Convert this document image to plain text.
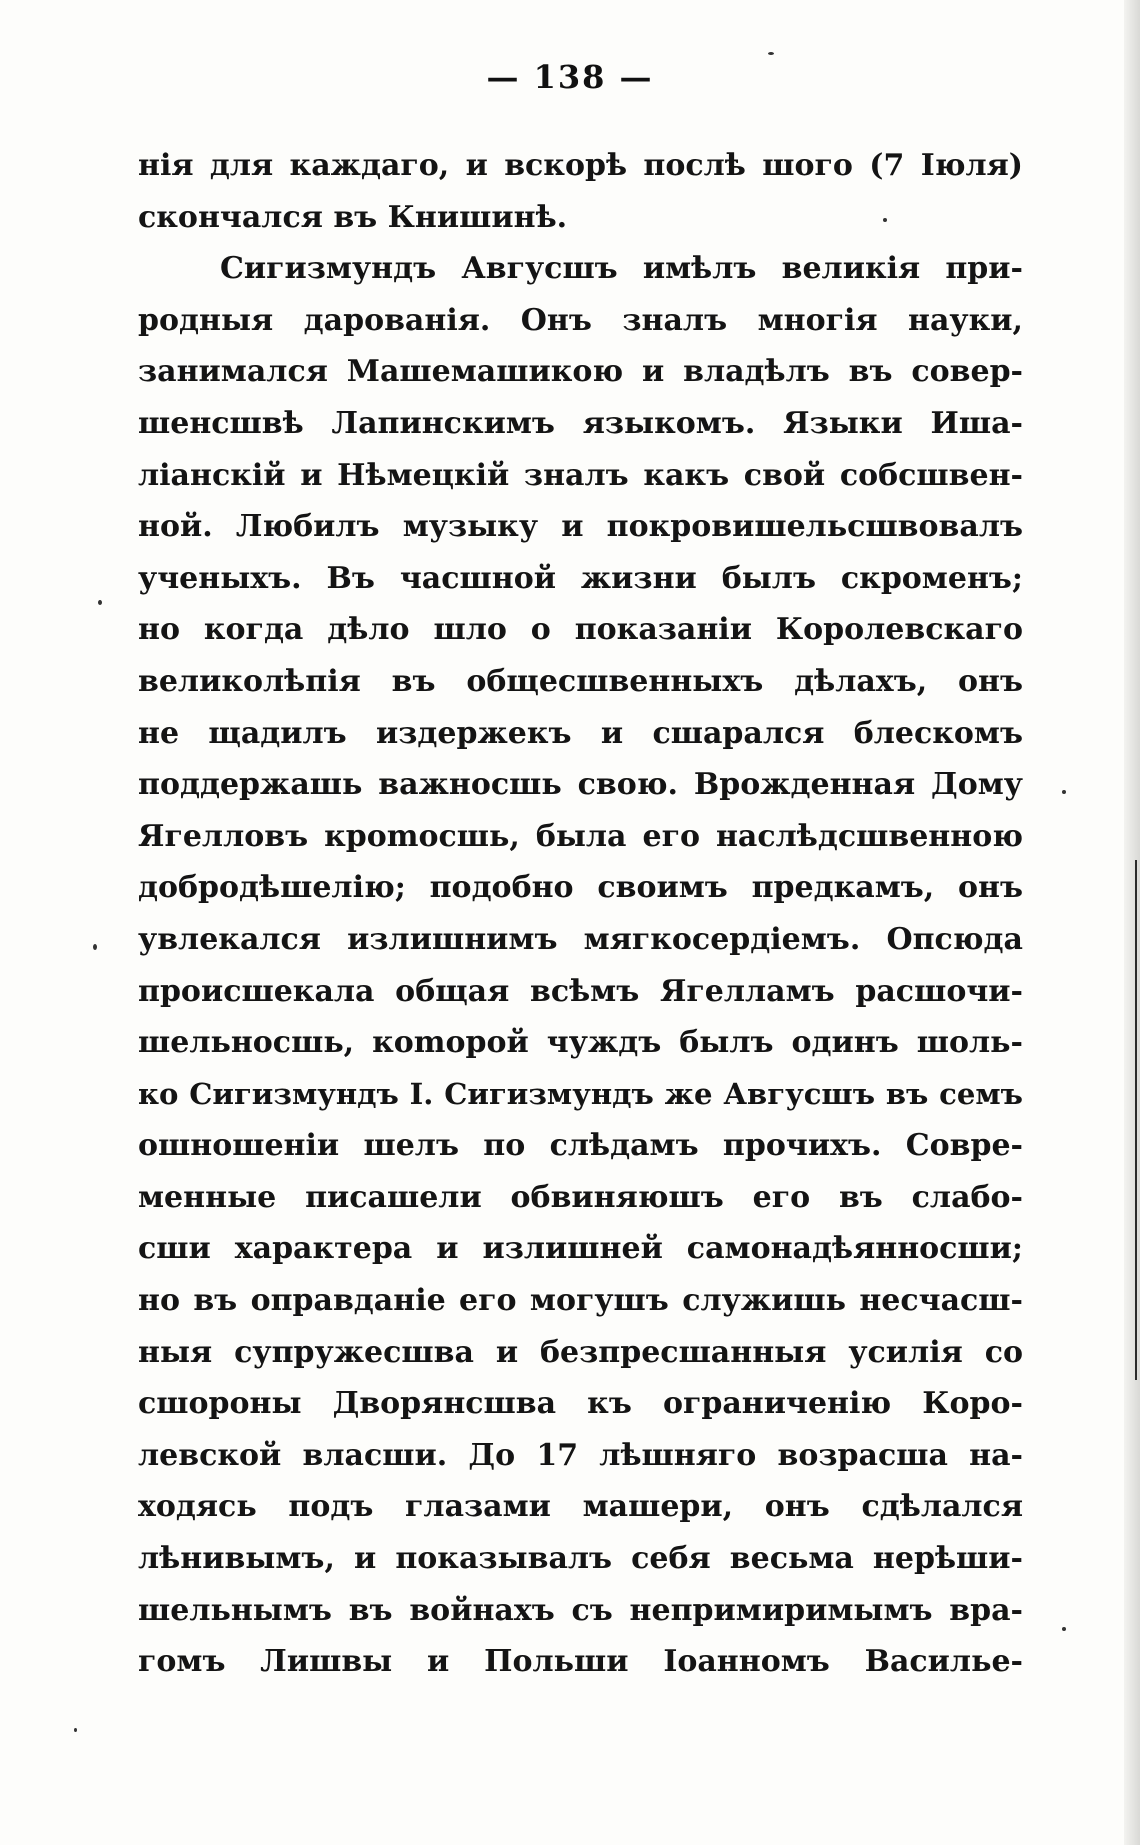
— 138 —
нія для каждаго, и вскорѣ послѣ шого (7 Іюля)
скончался въ Книшинѣ.
Сигизмундъ Авгусшъ имѣлъ великія при-
родныя дарованія. Онъ зналъ многія науки,
занимался Машемашикою и владѣлъ въ совер-
шенсшвѣ Лапинскимъ языкомъ. Языки Иша-
ліанскій и Нѣмецкій зналъ какъ свой собсшвен-
ной. Любилъ музыку и покровишельсшвовалъ
ученыхъ. Въ часшной жизни былъ скроменъ;
но когда дѣло шло о показаніи Королевскаго
великолѣпія въ общесшвенныхъ дѣлахъ, онъ
не щадилъ издержекъ и сшарался блескомъ
поддержашь важносшь свою. Врожденная Дому
Ягелловъ кроmoсшь, была его наслѣдсшвенною
добродѣшелію; подобно своимъ предкамъ, онъ
увлекался излишнимъ мягкосердіемъ. Опсюда
происшекала общая всѣмъ Ягелламъ расшочи-
шельносшь, коmoрой чуждъ былъ одинъ шоль-
ко Сигизмундъ I. Сигизмундъ же Авгусшъ въ семъ
ошношеніи шелъ по слѣдамъ прочихъ. Совре-
менные писашели обвиняюшъ его въ слабо-
сши характера и излишней самонадѣянносши;
но въ оправданіе его могушъ служишь несчасш-
ныя супружесшва и безпресшанныя усилія со
сшороны Дворянсшва къ ограниченію Коро-
левской власши. До 17 лѣшняго возрасша на-
ходясь подъ глазами машери, онъ сдѣлался
лѣнивымъ, и показывалъ себя весьма нерѣши-
шельнымъ въ войнахъ съ непримиримымъ вра-
гомъ Лишвы и Польши Іоанномъ Василье-
